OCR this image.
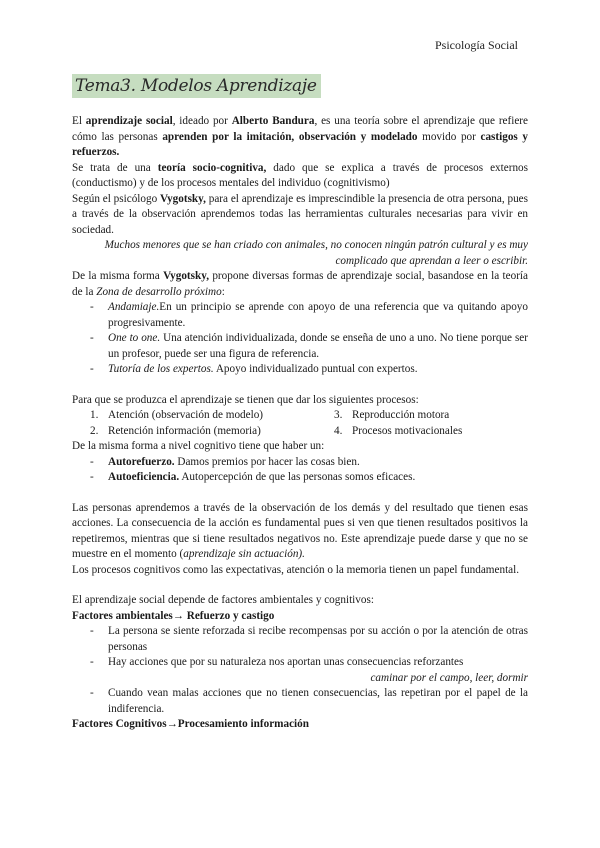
Psicología Social
Tema3. Modelos Aprendizaje

El aprendizaje social, ideado por Alberto Bandura, es una teoría sobre el aprendizaje que refiere cómo las personas aprenden por la imitación, observación y modelado movido por castigos y refuerzos.

Se trata de una teoría socio-cognitiva, dado que se explica a través de procesos externos (conductismo) y de los procesos mentales del individuo (cognitivismo)

Según el psicólogo Vygotsky, para el aprendizaje es imprescindible la presencia de otra persona, pues a través de la observación aprendemos todas las herramientas culturales necesarias para vivir en sociedad.

Muchos menores que se han criado con animales, no conocen ningún patrón cultural y es muy complicado que aprendan a leer o escribir.

De la misma forma Vygotsky, propone diversas formas de aprendizaje social, basandose en la teoría de la Zona de desarrollo próximo:

- Andamiaje.En un principio se aprende con apoyo de una referencia que va quitando apoyo progresivamente.
- One to one. Una atención individualizada, donde se enseña de uno a uno. No tiene porque ser un profesor, puede ser una figura de referencia.
- Tutoría de los expertos. Apoyo individualizado puntual con expertos.

Para que se produzca el aprendizaje se tienen que dar los siguientes procesos:

1. Atención (observación de modelo)
2. Retención información (memoria)
3. Reproducción motora
4. Procesos motivacionales

De la misma forma a nivel cognitivo tiene que haber un:

- Autorefuerzo. Damos premios por hacer las cosas bien.
- Autoeficiencia. Autopercepción de que las personas somos eficaces.

Las personas aprendemos a través de la observación de los demás y del resultado que tienen esas acciones. La consecuencia de la acción es fundamental pues si ven que tienen resultados positivos la repetiremos, mientras que si tiene resultados negativos no. Este aprendizaje puede darse y que no se muestre en el momento (aprendizaje sin actuación).

Los procesos cognitivos como las expectativas, atención o la memoria tienen un papel fundamental.

El aprendizaje social depende de factores ambientales y cognitivos:

Factores ambientales→ Refuerzo y castigo

- La persona se siente reforzada si recibe recompensas por su acción o por la atención de otras personas
- Hay acciones que por su naturaleza nos aportan unas consecuencias reforzantes

caminar por el campo, leer, dormir

- Cuando vean malas acciones que no tienen consecuencias, las repetiran por el papel de la indiferencia.

Factores Cognitivos→Procesamiento información
